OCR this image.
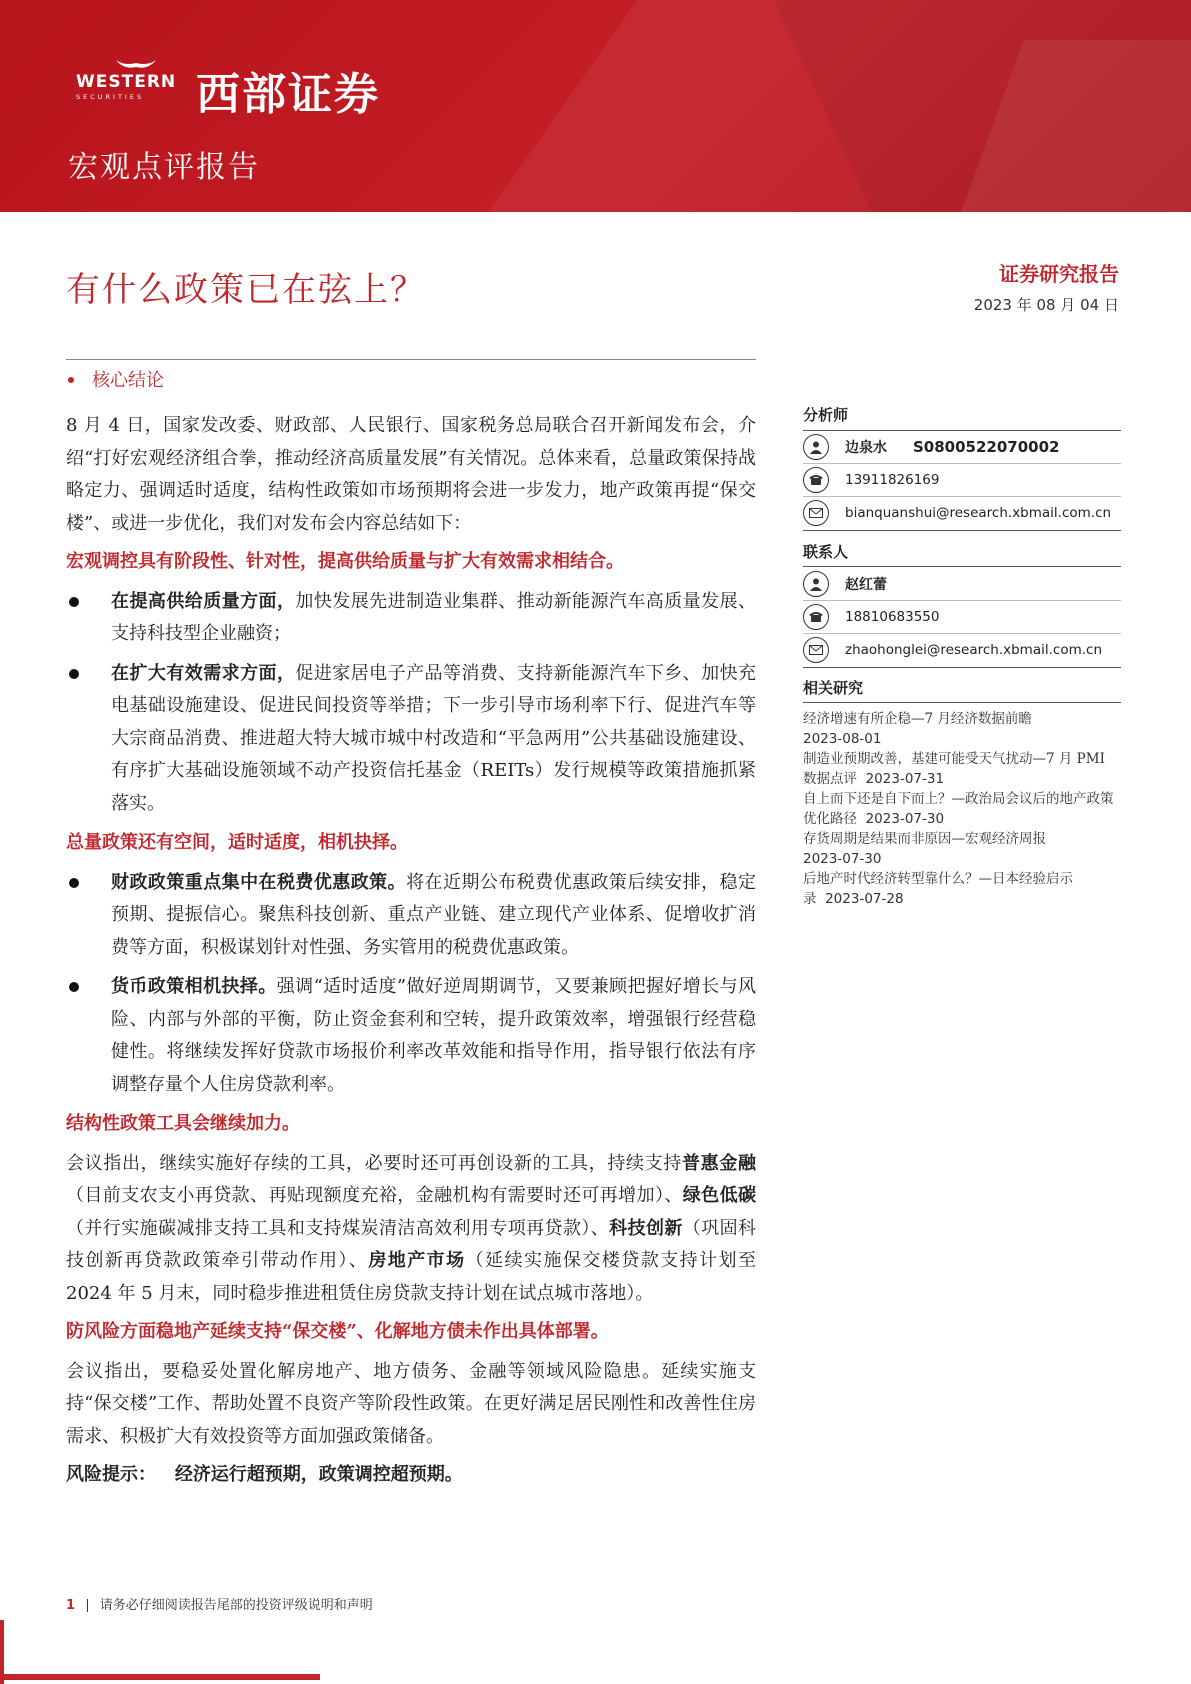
WESTERN
SECURITIES	西部证券
宏观点评报告
有什么政策已在弦上？	证券研究报告
2023 年 08 月 04 日
核心结论

8 月 4 日，国家发改委、财政部、人民银行、国家税务总局联合召开新闻发布会，介绍“打好宏观经济组合拳，推动经济高质量发展”有关情况。总体来看，总量政策保持战略定力、强调适时适度，结构性政策如市场预期将会进一步发力，地产政策再提“保交楼”、或进一步优化，我们对发布会内容总结如下：

宏观调控具有阶段性、针对性，提高供给质量与扩大有效需求相结合。

在提高供给质量方面，加快发展先进制造业集群、推动新能源汽车高质量发展、支持科技型企业融资；
在扩大有效需求方面，促进家居电子产品等消费、支持新能源汽车下乡、加快充电基础设施建设、促进民间投资等举措；下一步引导市场利率下行、促进汽车等大宗商品消费、推进超大特大城市城中村改造和“平急两用”公共基础设施建设、有序扩大基础设施领域不动产投资信托基金（REITs）发行规模等政策措施抓紧落实。

总量政策还有空间，适时适度，相机抉择。

财政政策重点集中在税费优惠政策。将在近期公布税费优惠政策后续安排，稳定预期、提振信心。聚焦科技创新、重点产业链、建立现代产业体系、促增收扩消费等方面，积极谋划针对性强、务实管用的税费优惠政策。
货币政策相机抉择。强调“适时适度”做好逆周期调节，又要兼顾把握好增长与风险、内部与外部的平衡，防止资金套利和空转，提升政策效率，增强银行经营稳健性。将继续发挥好贷款市场报价利率改革效能和指导作用，指导银行依法有序调整存量个人住房贷款利率。

结构性政策工具会继续加力。

会议指出，继续实施好存续的工具，必要时还可再创设新的工具，持续支持普惠金融（目前支农支小再贷款、再贴现额度充裕，金融机构有需要时还可再增加）、绿色低碳（并行实施碳减排支持工具和支持煤炭清洁高效利用专项再贷款）、科技创新（巩固科技创新再贷款政策牵引带动作用）、房地产市场（延续实施保交楼贷款支持计划至 2024 年 5 月末，同时稳步推进租赁住房贷款支持计划在试点城市落地）。

防风险方面稳地产延续支持“保交楼”、化解地方债未作出具体部署。

会议指出，要稳妥处置化解房地产、地方债务、金融等领域风险隐患。延续实施支持“保交楼”工作、帮助处置不良资产等阶段性政策。在更好满足居民刚性和改善性住房需求、积极扩大有效投资等方面加强政策储备。

风险提示： 经济运行超预期，政策调控超预期。

分析师
边泉水 S0800522070002
13911826169
bianquanshui@research.xbmail.com.cn
联系人
赵红蕾
18810683550
zhaohonglei@research.xbmail.com.cn
相关研究
经济增速有所企稳—7 月经济数据前瞻
2023-08-01
制造业预期改善，基建可能受天气扰动—7 月 PMI 数据点评 2023-07-31
自上而下还是自下而上？—政治局会议后的地产政策优化路径 2023-07-30
存货周期是结果而非原因—宏观经济周报
2023-07-30
后地产时代经济转型靠什么？—日本经验启示录 2023-07-28
1 | 请务必仔细阅读报告尾部的投资评级说明和声明
